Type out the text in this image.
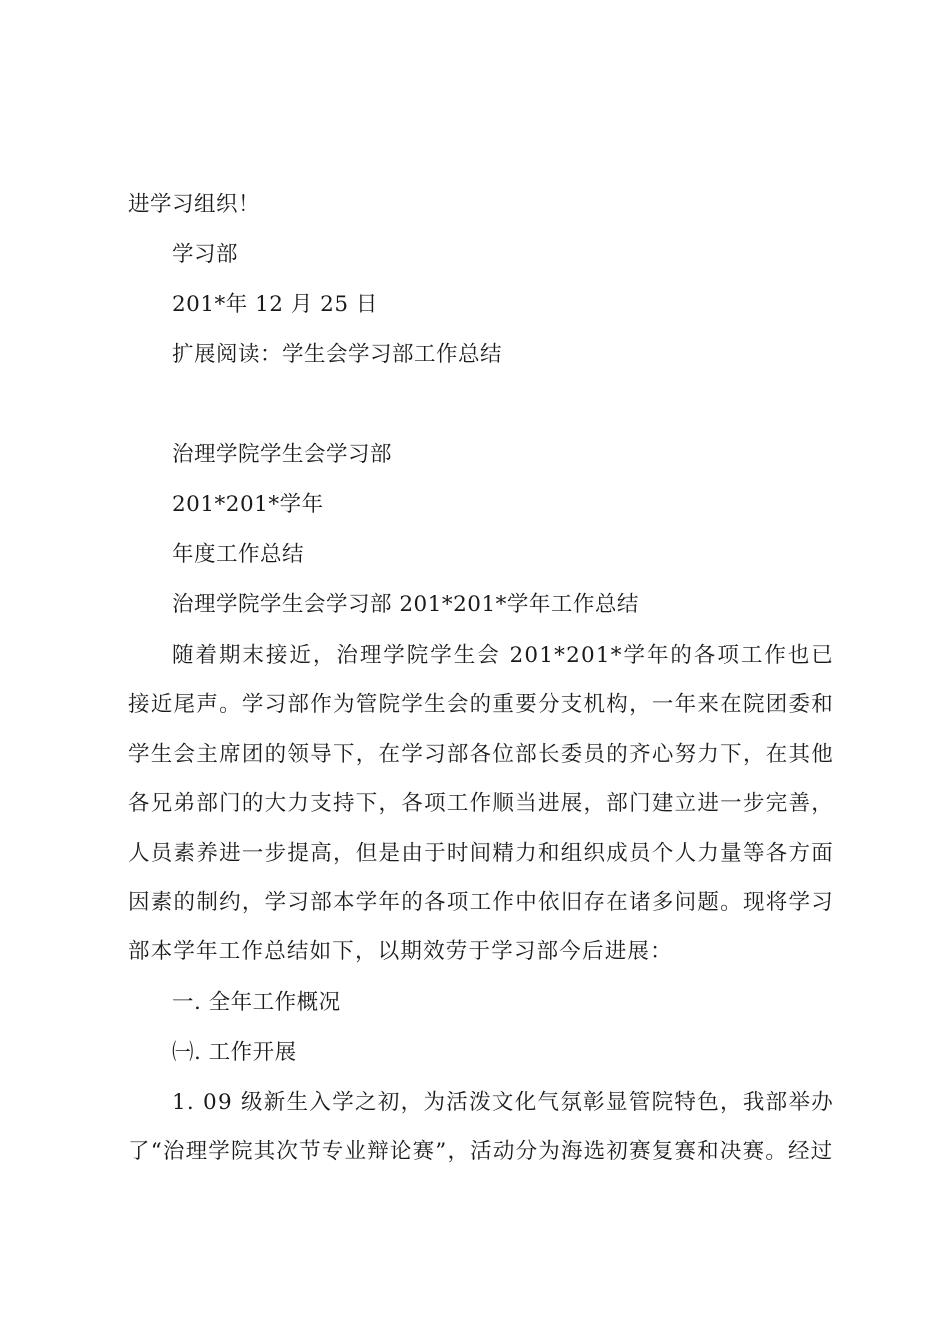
进学习组织！
学习部
201*年 12 月 25 日
扩展阅读：学生会学习部工作总结
治理学院学生会学习部
201*201*学年
年度工作总结
治理学院学生会学习部 201*201*学年工作总结
随着期末接近，治理学院学生会 201*201*学年的各项工作也已接近尾声。学习部作为管院学生会的重要分支机构，一年来在院团委和学生会主席团的领导下，在学习部各位部长委员的齐心努力下，在其他各兄弟部门的大力支持下，各项工作顺当进展，部门建立进一步完善，人员素养进一步提高，但是由于时间精力和组织成员个人力量等各方面因素的制约，学习部本学年的各项工作中依旧存在诸多问题。现将学习部本学年工作总结如下，以期效劳于学习部今后进展：
一. 全年工作概况
㈠. 工作开展
1. 09 级新生入学之初，为活泼文化气氛彰显管院特色，我部举办了“治理学院其次节专业辩论赛”，活动分为海选初赛复赛和决赛。经过
